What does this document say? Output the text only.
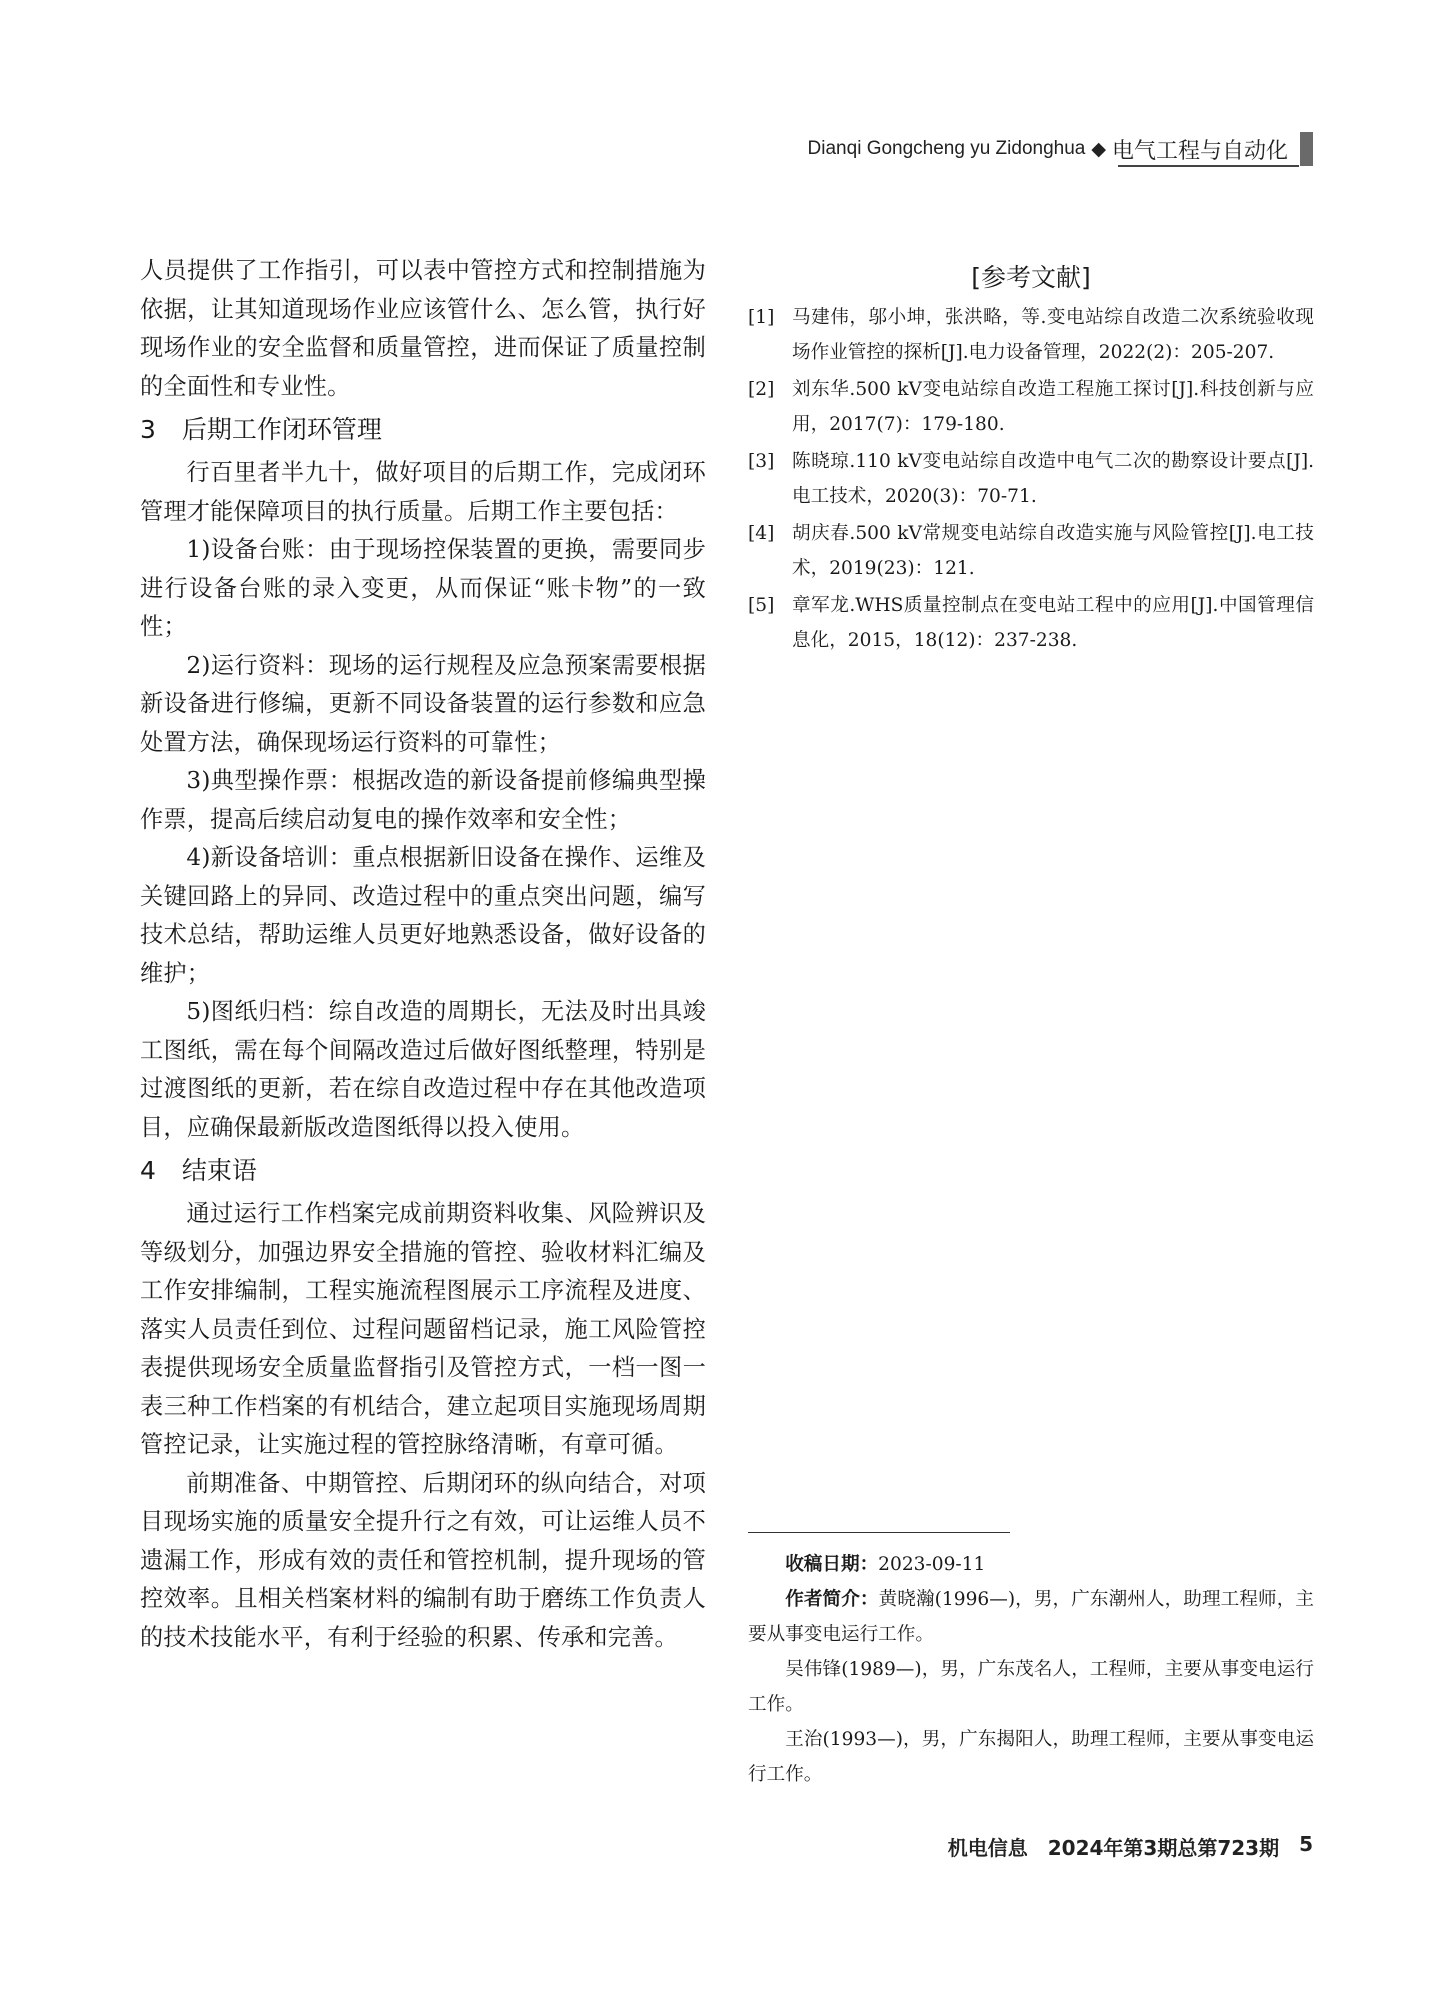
Dianqi Gongcheng yu Zidonghua ◆ 电气工程与自动化

人员提供了工作指引，可以表中管控方式和控制措施为依据，让其知道现场作业应该管什么、怎么管，执行好现场作业的安全监督和质量管控，进而保证了质量控制的全面性和专业性。

3 后期工作闭环管理

行百里者半九十，做好项目的后期工作，完成闭环管理才能保障项目的执行质量。后期工作主要包括：

1)设备台账：由于现场控保装置的更换，需要同步进行设备台账的录入变更，从而保证“账卡物”的一致性；

2)运行资料：现场的运行规程及应急预案需要根据新设备进行修编，更新不同设备装置的运行参数和应急处置方法，确保现场运行资料的可靠性；

3)典型操作票：根据改造的新设备提前修编典型操作票，提高后续启动复电的操作效率和安全性；

4)新设备培训：重点根据新旧设备在操作、运维及关键回路上的异同、改造过程中的重点突出问题，编写技术总结，帮助运维人员更好地熟悉设备，做好设备的维护；

5)图纸归档：综自改造的周期长，无法及时出具竣工图纸，需在每个间隔改造过后做好图纸整理，特别是过渡图纸的更新，若在综自改造过程中存在其他改造项目，应确保最新版改造图纸得以投入使用。

4 结束语

通过运行工作档案完成前期资料收集、风险辨识及等级划分，加强边界安全措施的管控、验收材料汇编及工作安排编制，工程实施流程图展示工序流程及进度、落实人员责任到位、过程问题留档记录，施工风险管控表提供现场安全质量监督指引及管控方式，一档一图一表三种工作档案的有机结合，建立起项目实施现场周期管控记录，让实施过程的管控脉络清晰，有章可循。

前期准备、中期管控、后期闭环的纵向结合，对项目现场实施的质量安全提升行之有效，可让运维人员不遗漏工作，形成有效的责任和管控机制，提升现场的管控效率。且相关档案材料的编制有助于磨练工作负责人的技术技能水平，有利于经验的积累、传承和完善。

[参考文献]
[1] 马建伟，邬小坤，张洪略，等.变电站综自改造二次系统验收现场作业管控的探析[J].电力设备管理，2022(2)：205-207.
[2] 刘东华.500 kV变电站综自改造工程施工探讨[J].科技创新与应用，2017(7)：179-180.
[3] 陈晓琼.110 kV变电站综自改造中电气二次的勘察设计要点[J].电工技术，2020(3)：70-71.
[4] 胡庆春.500 kV常规变电站综自改造实施与风险管控[J].电工技术，2019(23)：121.
[5] 章军龙.WHS质量控制点在变电站工程中的应用[J].中国管理信息化，2015，18(12)：237-238.

收稿日期：2023-09-11

作者简介：黄晓瀚(1996—)，男，广东潮州人，助理工程师，主要从事变电运行工作。

吴伟锋(1989—)，男，广东茂名人，工程师，主要从事变电运行工作。

王治(1993—)，男，广东揭阳人，助理工程师，主要从事变电运行工作。

机电信息 2024年第3期总第723期 5
